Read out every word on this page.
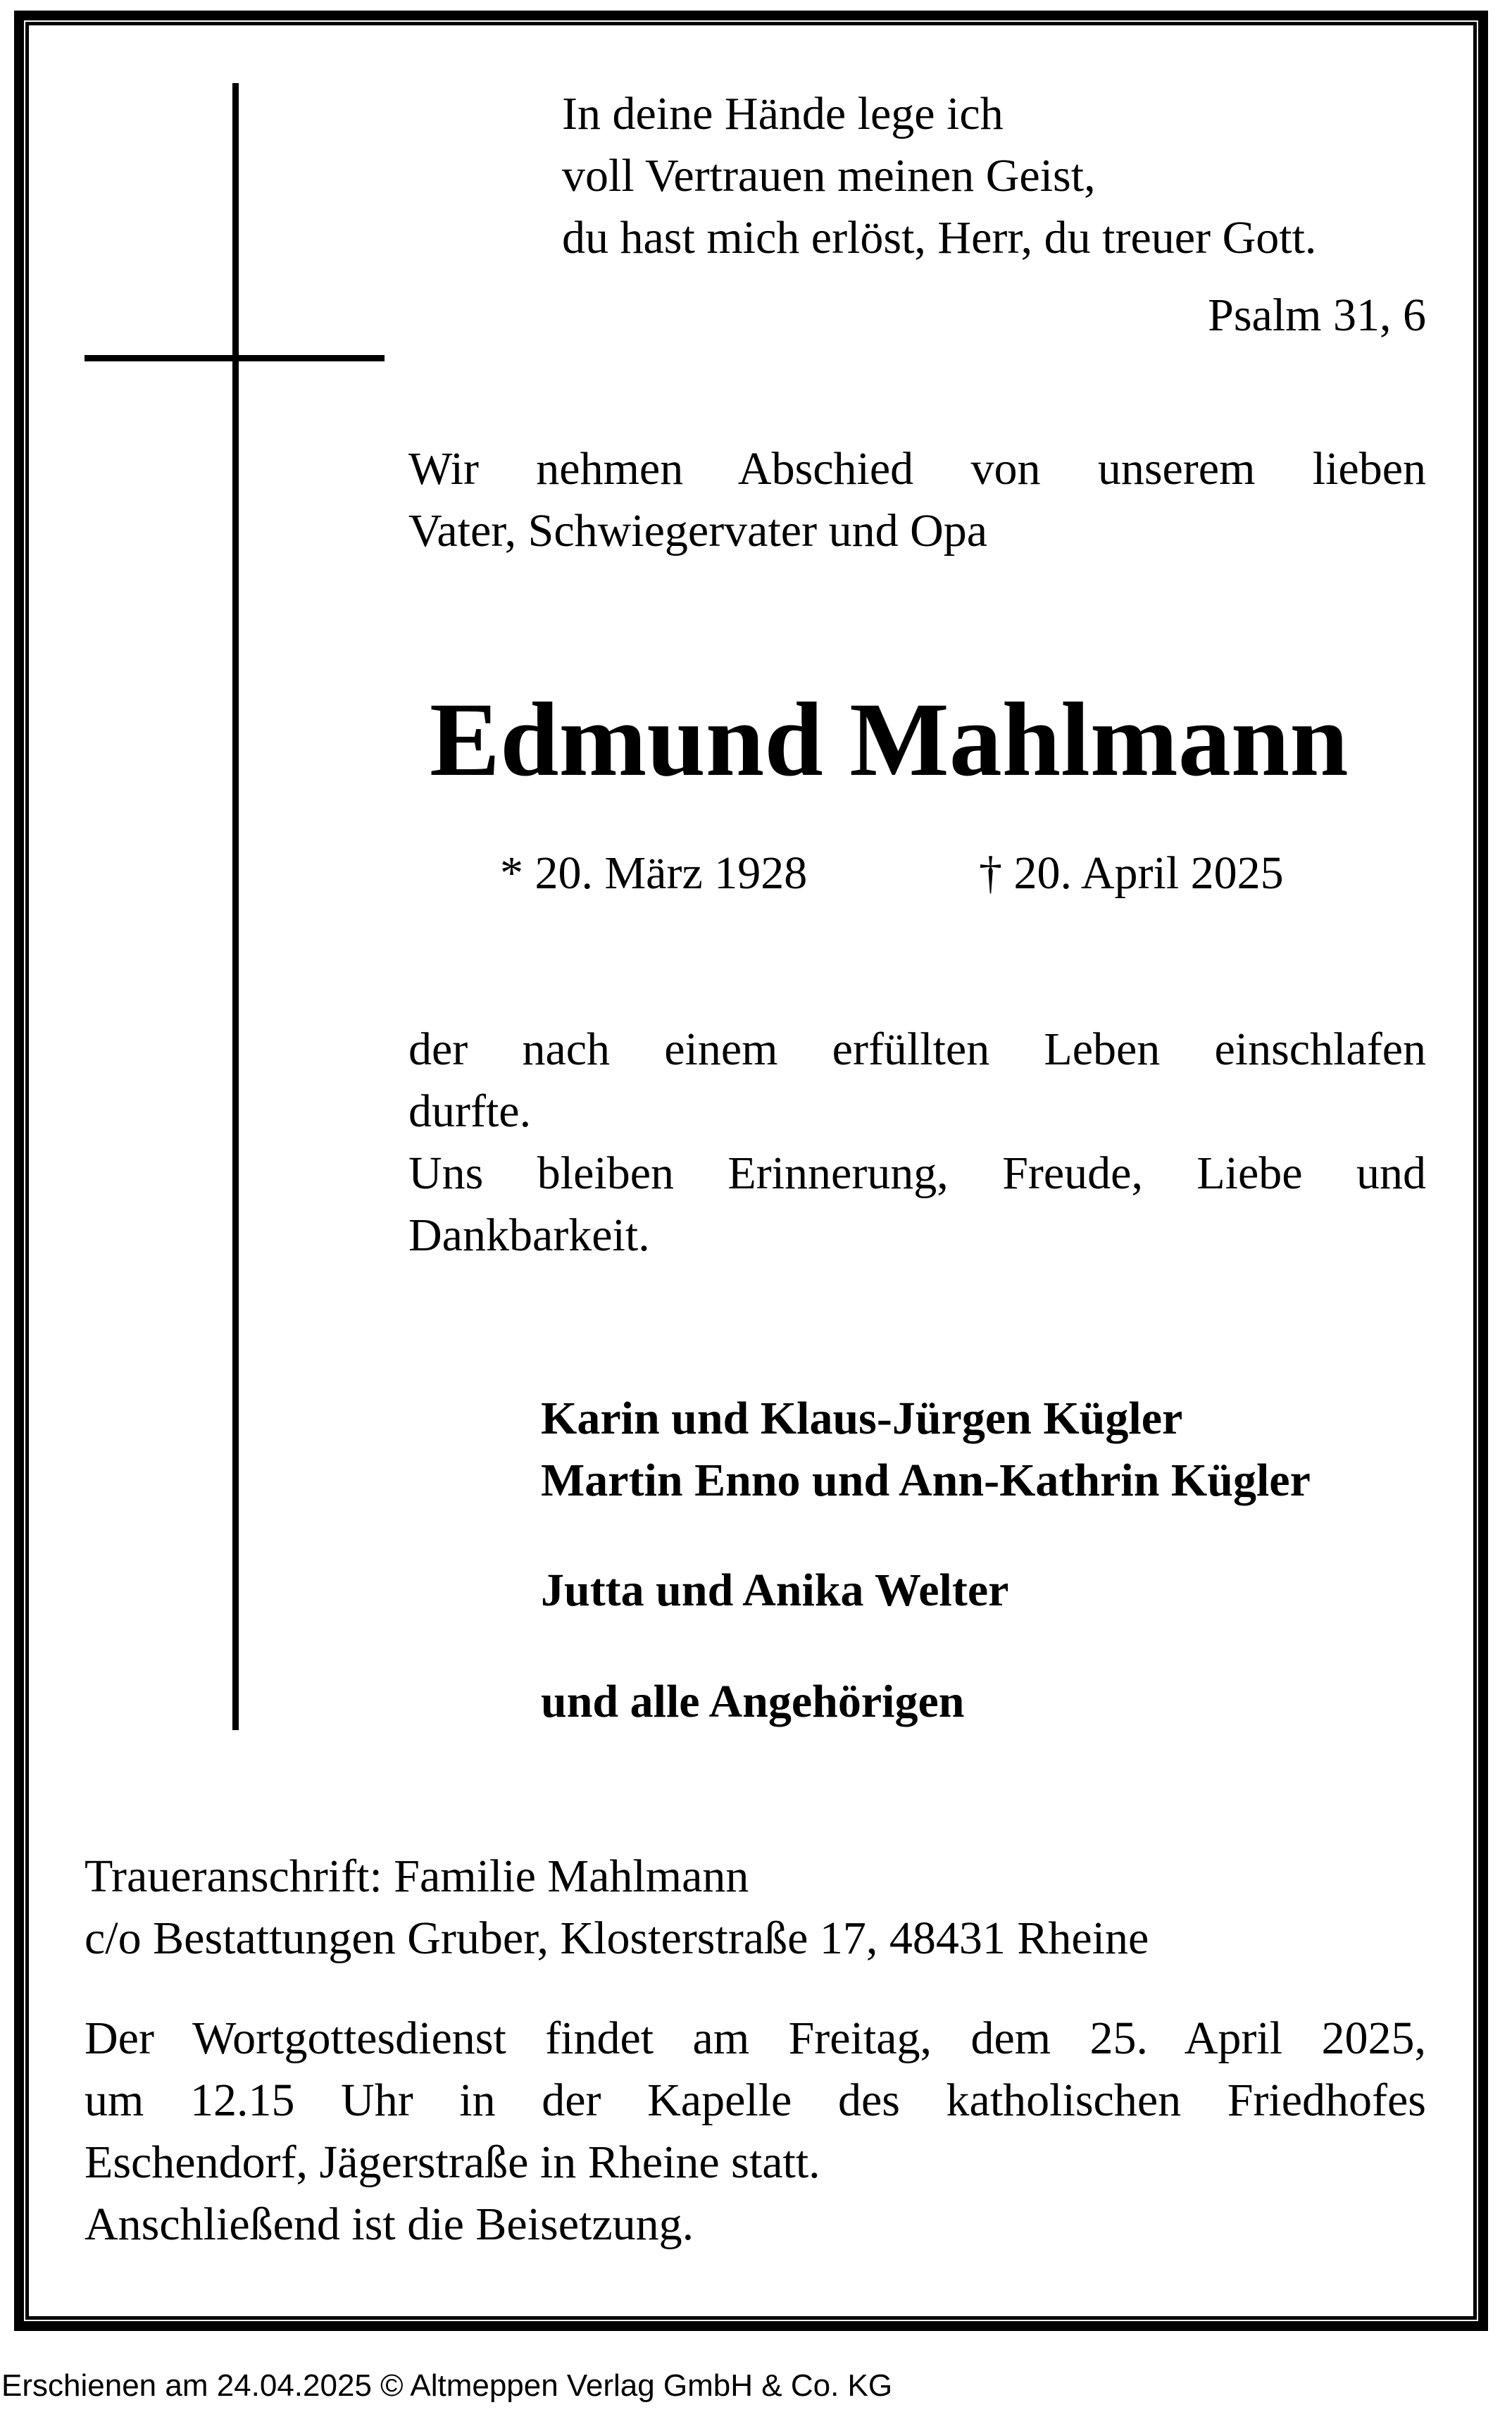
In deine Hände lege ich
voll Vertrauen meinen Geist,
du hast mich erlöst, Herr, du treuer Gott.
Psalm 31, 6
Wir nehmen Abschied von unserem lieben
Vater, Schwiegervater und Opa
Edmund Mahlmann
* 20. März 1928	† 20. April 2025
der nach einem erfüllten Leben einschlafen
durfte.
Uns bleiben Erinnerung, Freude, Liebe und
Dankbarkeit.
Karin und Klaus-Jürgen Kügler
Martin Enno und Ann-Kathrin Kügler
Jutta und Anika Welter
und alle Angehörigen
Traueranschrift: Familie Mahlmann
c/o Bestattungen Gruber, Klosterstraße 17, 48431 Rheine
Der Wortgottesdienst findet am Freitag, dem 25. April 2025,
um 12.15 Uhr in der Kapelle des katholischen Friedhofes
Eschendorf, Jägerstraße in Rheine statt.
Anschließend ist die Beisetzung.
Erschienen am 24.04.2025 © Altmeppen Verlag GmbH & Co. KG
